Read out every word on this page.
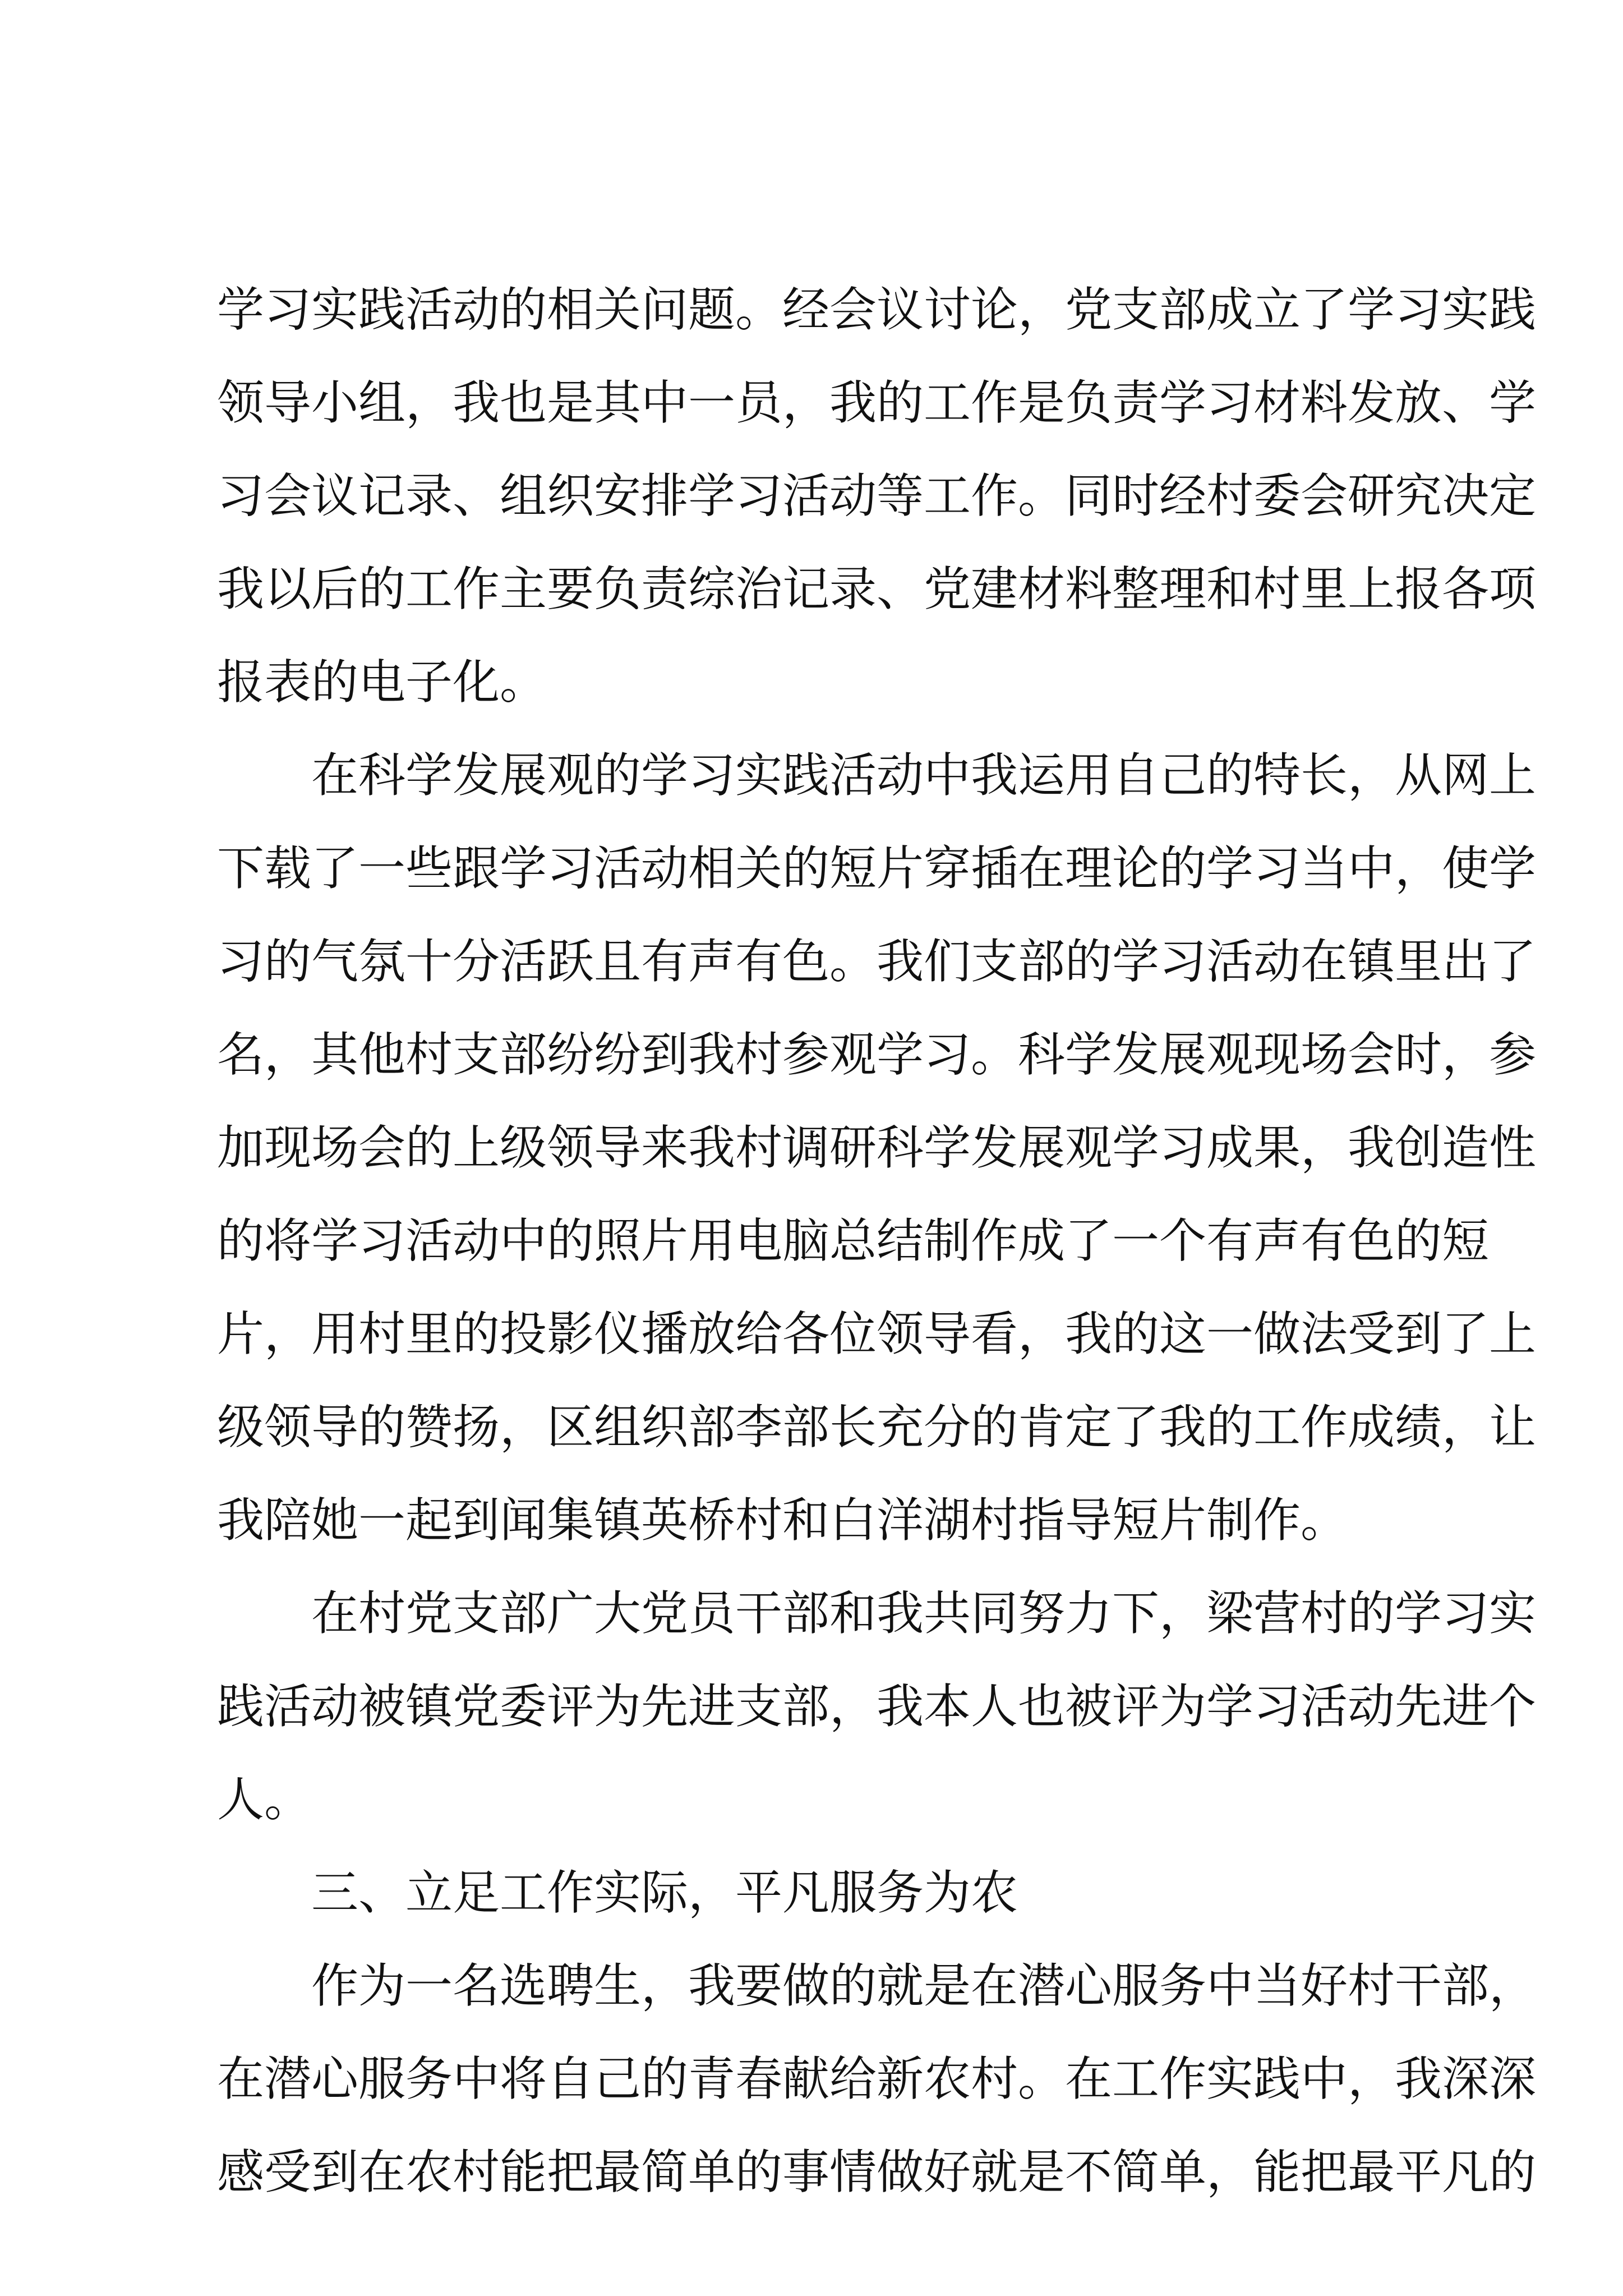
学习实践活动的相关问题。经会议讨论，党支部成立了学习实践
领导小组，我也是其中一员，我的工作是负责学习材料发放、学
习会议记录、组织安排学习活动等工作。同时经村委会研究决定
我以后的工作主要负责综治记录、党建材料整理和村里上报各项
报表的电子化。
在科学发展观的学习实践活动中我运用自己的特长，从网上
下载了一些跟学习活动相关的短片穿插在理论的学习当中，使学
习的气氛十分活跃且有声有色。我们支部的学习活动在镇里出了
名，其他村支部纷纷到我村参观学习。科学发展观现场会时，参
加现场会的上级领导来我村调研科学发展观学习成果，我创造性
的将学习活动中的照片用电脑总结制作成了一个有声有色的短
片，用村里的投影仪播放给各位领导看，我的这一做法受到了上
级领导的赞扬，区组织部李部长充分的肯定了我的工作成绩，让
我陪她一起到闻集镇英桥村和白洋湖村指导短片制作。
在村党支部广大党员干部和我共同努力下，梁营村的学习实
践活动被镇党委评为先进支部，我本人也被评为学习活动先进个
人。
三、立足工作实际，平凡服务为农
作为一名选聘生，我要做的就是在潜心服务中当好村干部，
在潜心服务中将自己的青春献给新农村。在工作实践中，我深深
感受到在农村能把最简单的事情做好就是不简单，能把最平凡的
